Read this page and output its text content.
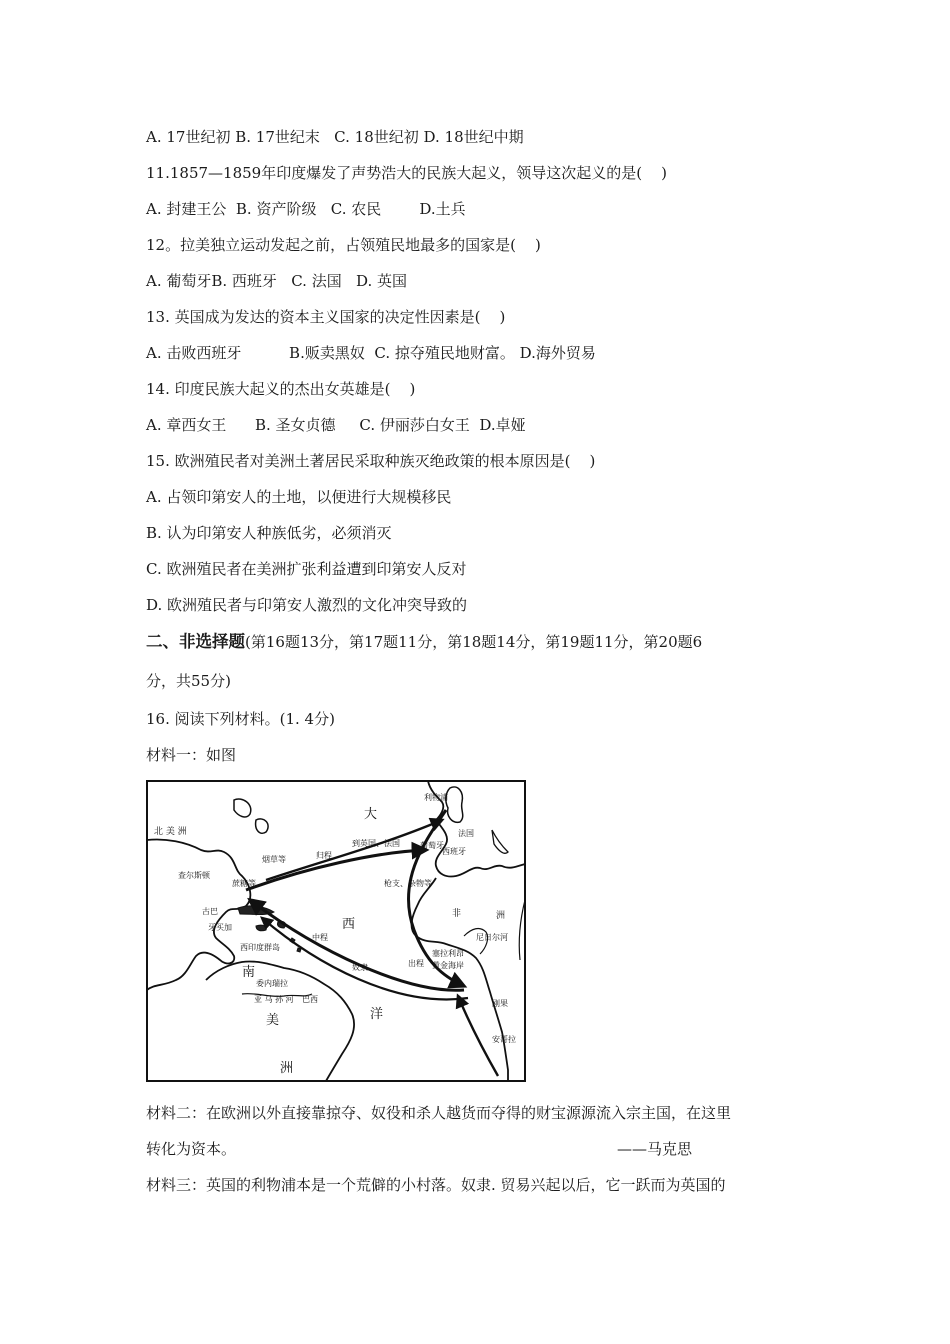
A. 17世纪初 B. 17世纪末   C. 18世纪初 D. 18世纪中期
11.1857—1859年印度爆发了声势浩大的民族大起义，领导这次起义的是(    )
A. 封建王公  B. 资产阶级   C. 农民        D.土兵
12。拉美独立运动发起之前，占领殖民地最多的国家是(    )
A. 葡萄牙B. 西班牙   C. 法国   D. 英国
13. 英国成为发达的资本主义国家的决定性因素是(    )
A. 击败西班牙          B.贩卖黑奴  C. 掠夺殖民地财富。 D.海外贸易
14. 印度民族大起义的杰出女英雄是(    )
A. 章西女王      B. 圣女贞德     C. 伊丽莎白女王  D.卓娅
15. 欧洲殖民者对美洲土著居民采取种族灭绝政策的根本原因是(    )
A. 占领印第安人的土地，以便进行大规模移民
B. 认为印第安人种族低劣，必须消灭
C. 欧洲殖民者在美洲扩张利益遭到印第安人反对
D. 欧洲殖民者与印第安人激烈的文化冲突导致的
二、非选择题(第16题13分，第17题11分，第18题14分，第19题11分，第20题6
分，共55分)
16. 阅读下列材料。(1. 4分)
材料一：如图
北 美 洲
大
西
洋
南
美
洲
查尔斯顿
古巴
牙买加
西印度群岛
委内瑞拉
亚 马 孙 河 巴西
利物浦
法国
葡萄牙
西班牙
非	洲
塞拉利昂
黄金海岸
尼日尔河
刚果
安哥拉
烟草等	归程
到英国、法国
蔗糖等	枪支、杂物等
出程
中程
奴隶
材料二：在欧洲以外直接靠掠夺、奴役和杀人越货而夺得的财宝源源流入宗主国，在这里
转化为资本。	——马克思
材料三：英国的利物浦本是一个荒僻的小村落。奴隶. 贸易兴起以后，它一跃而为英国的
